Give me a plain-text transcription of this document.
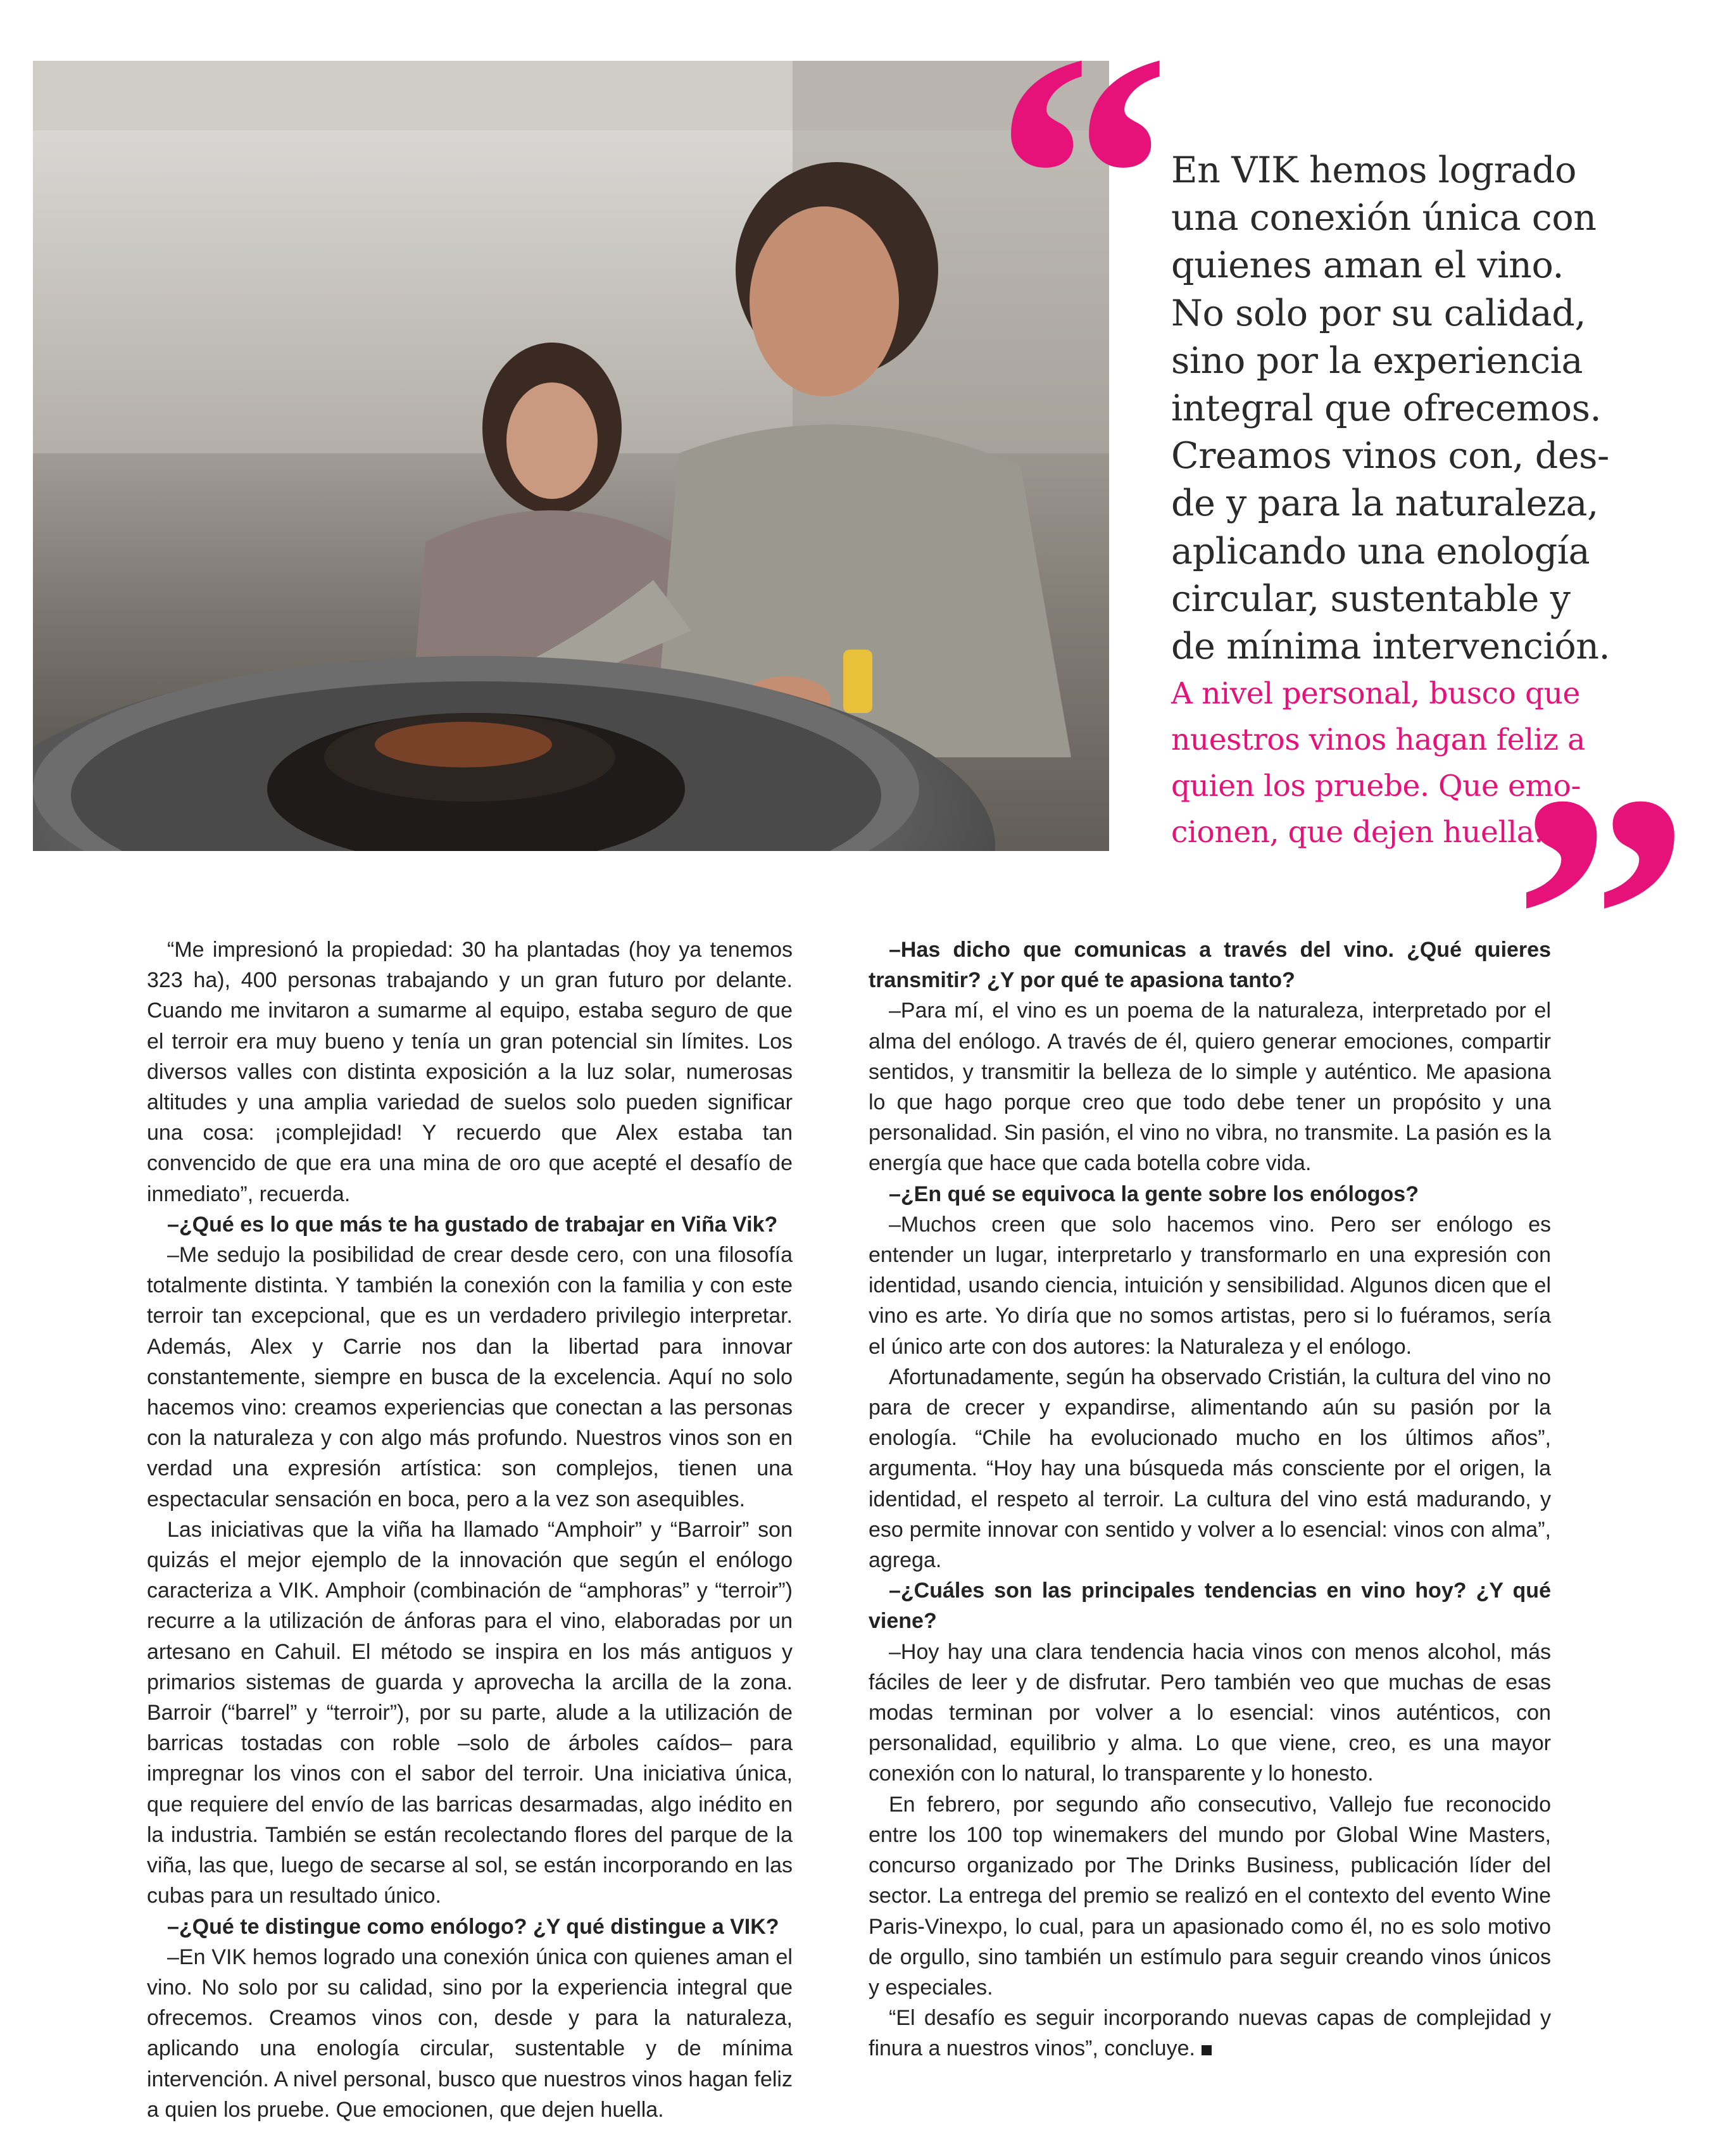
“
”
En VIK hemos logrado
una conexión única con
quienes aman el vino.
No solo por su calidad,
sino por la experiencia
integral que ofrecemos.
Creamos vinos con, des-
de y para la naturaleza,
aplicando una enología
circular, sustentable y
de mínima intervención.
A nivel personal, busco que
nuestros vinos hagan feliz a
quien los pruebe. Que emo-
cionen, que dejen huella.

“Me impresionó la propiedad: 30 ha plantadas (hoy ya tenemos 323 ha), 400 personas trabajando y un gran futuro por delante. Cuando me invitaron a sumarme al equipo, estaba seguro de que el terroir era muy bueno y tenía un gran potencial sin límites. Los diversos valles con distinta exposición a la luz solar, numerosas altitudes y una amplia variedad de suelos solo pueden significar una cosa: ¡complejidad! Y recuerdo que Alex estaba tan convencido de que era una mina de oro que acepté el desafío de inmediato”, recuerda.

–¿Qué es lo que más te ha gustado de trabajar en Viña Vik?

–Me sedujo la posibilidad de crear desde cero, con una filosofía totalmente distinta. Y también la conexión con la familia y con este terroir tan excepcional, que es un verdadero privilegio interpretar. Además, Alex y Carrie nos dan la libertad para innovar constantemente, siempre en busca de la excelencia. Aquí no solo hacemos vino: creamos experiencias que conectan a las personas con la naturaleza y con algo más profundo. Nuestros vinos son en verdad una expresión artística: son complejos, tienen una espectacular sensación en boca, pero a la vez son asequibles.

Las iniciativas que la viña ha llamado “Amphoir” y “Barroir” son quizás el mejor ejemplo de la innovación que según el enólogo caracteriza a VIK. Amphoir (combinación de “amphoras” y “terroir”) recurre a la utilización de ánforas para el vino, elaboradas por un artesano en Cahuil. El método se inspira en los más antiguos y primarios sistemas de guarda y aprovecha la arcilla de la zona. Barroir (“barrel” y “terroir”), por su parte, alude a la utilización de barricas tostadas con roble –solo de árboles caídos– para impregnar los vinos con el sabor del terroir. Una iniciativa única, que requiere del envío de las barricas desarmadas, algo inédito en la industria. También se están recolectando flores del parque de la viña, las que, luego de secarse al sol, se están incorporando en las cubas para un resultado único.

–¿Qué te distingue como enólogo? ¿Y qué distingue a VIK?

–En VIK hemos logrado una conexión única con quienes aman el vino. No solo por su calidad, sino por la experiencia integral que ofrecemos. Creamos vinos con, desde y para la naturaleza, aplicando una enología circular, sustentable y de mínima intervención. A nivel personal, busco que nuestros vinos hagan feliz a quien los pruebe. Que emocionen, que dejen huella.

–Has dicho que comunicas a través del vino. ¿Qué quieres transmitir? ¿Y por qué te apasiona tanto?

–Para mí, el vino es un poema de la naturaleza, interpretado por el alma del enólogo. A través de él, quiero generar emociones, compartir sentidos, y transmitir la belleza de lo simple y auténtico. Me apasiona lo que hago porque creo que todo debe tener un propósito y una personalidad. Sin pasión, el vino no vibra, no transmite. La pasión es la energía que hace que cada botella cobre vida.

–¿En qué se equivoca la gente sobre los enólogos?

–Muchos creen que solo hacemos vino. Pero ser enólogo es entender un lugar, interpretarlo y transformarlo en una expresión con identidad, usando ciencia, intuición y sensibilidad. Algunos dicen que el vino es arte. Yo diría que no somos artistas, pero si lo fuéramos, sería el único arte con dos autores: la Naturaleza y el enólogo.

Afortunadamente, según ha observado Cristián, la cultura del vino no para de crecer y expandirse, alimentando aún su pasión por la enología. “Chile ha evolucionado mucho en los últimos años”, argumenta. “Hoy hay una búsqueda más consciente por el origen, la identidad, el respeto al terroir. La cultura del vino está madurando, y eso permite innovar con sentido y volver a lo esencial: vinos con alma”, agrega.

–¿Cuáles son las principales tendencias en vino hoy? ¿Y qué viene?

–Hoy hay una clara tendencia hacia vinos con menos alcohol, más fáciles de leer y de disfrutar. Pero también veo que muchas de esas modas terminan por volver a lo esencial: vinos auténticos, con personalidad, equilibrio y alma. Lo que viene, creo, es una mayor conexión con lo natural, lo transparente y lo honesto.

En febrero, por segundo año consecutivo, Vallejo fue reconocido entre los 100 top winemakers del mundo por Global Wine Masters, concurso organizado por The Drinks Business, publicación líder del sector. La entrega del premio se realizó en el contexto del evento Wine Paris-Vinexpo, lo cual, para un apasionado como él, no es solo motivo de orgullo, sino también un estímulo para seguir creando vinos únicos y especiales.

“El desafío es seguir incorporando nuevas capas de complejidad y finura a nuestros vinos”, concluye.
